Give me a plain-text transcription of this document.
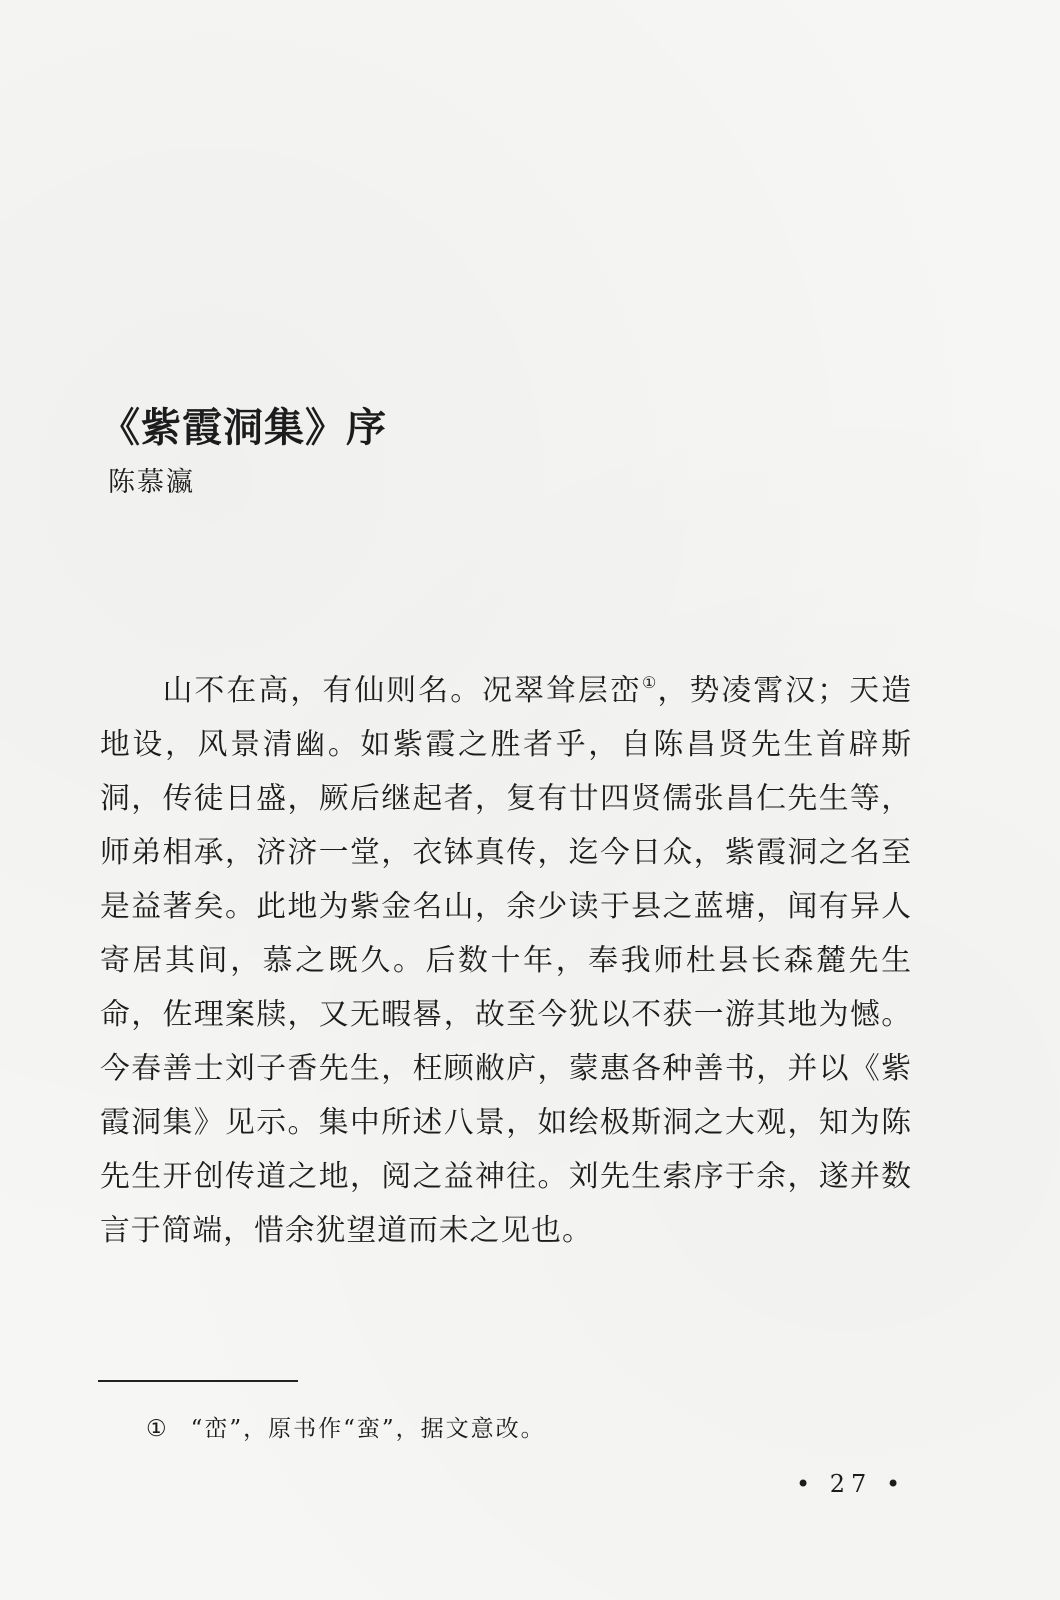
《紫霞洞集》序
陈慕瀛
山不在高，有仙则名。况翠耸层峦①，势凌霄汉；天造地设，风景清幽。如紫霞之胜者乎，自陈昌贤先生首辟斯洞，传徒日盛，厥后继起者，复有廿四贤儒张昌仁先生等，师弟相承，济济一堂，衣钵真传，迄今日众，紫霞洞之名至是益著矣。此地为紫金名山，余少读于县之蓝塘，闻有异人寄居其间，慕之既久。后数十年，奉我师杜县长森麓先生命，佐理案牍，又无暇晷，故至今犹以不获一游其地为憾。今春善士刘子香先生，枉顾敝庐，蒙惠各种善书，并以《紫霞洞集》见示。集中所述八景，如绘极斯洞之大观，知为陈先生开创传道之地，阅之益神往。刘先生索序于余，遂并数言于简端，惜余犹望道而未之见也。
① “峦”，原书作“蛮”，据文意改。
• 27 •
